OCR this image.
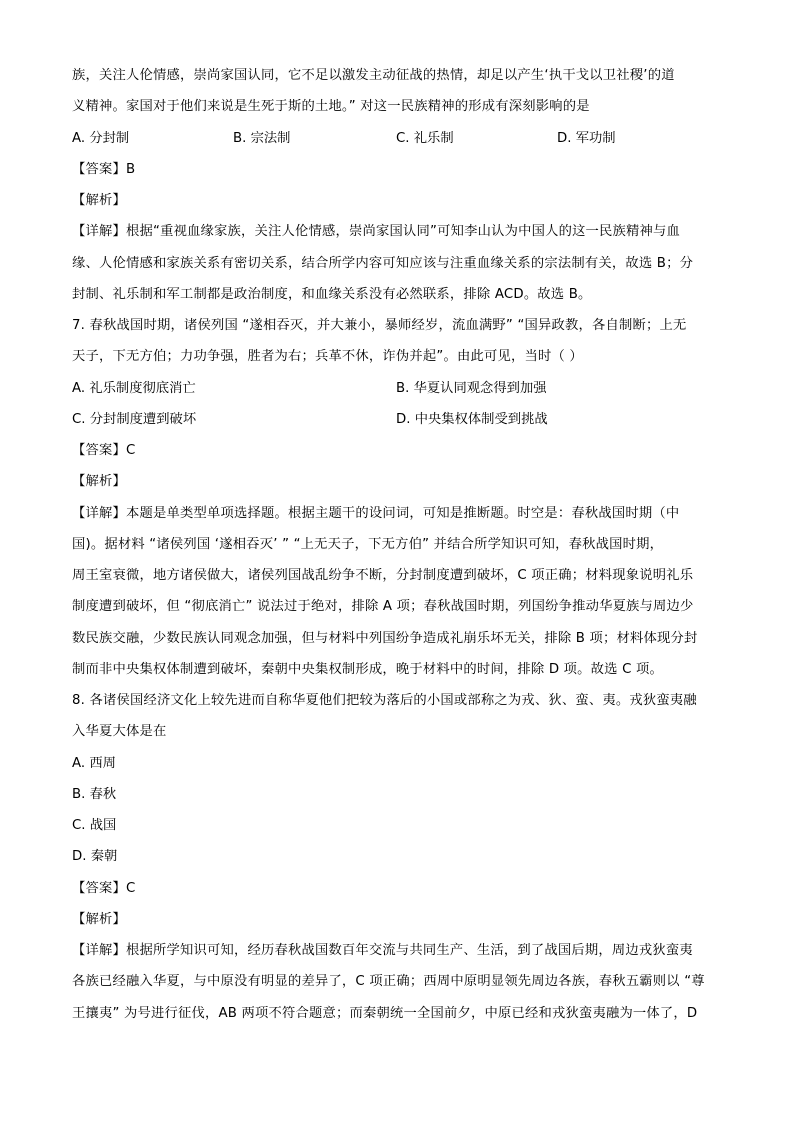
族，关注人伦情感，崇尚家国认同，它不足以激发主动征战的热情，却足以产生‘执干戈以卫社稷’的道
义精神。家国对于他们来说是生死于斯的土地。” 对这一民族精神的形成有深刻影响的是
A. 分封制	B. 宗法制	C. 礼乐制	D. 军功制
【答案】B
【解析】
【详解】根据“重视血缘家族，关注人伦情感，崇尚家国认同”可知李山认为中国人的这一民族精神与血
缘、人伦情感和家族关系有密切关系，结合所学内容可知应该与注重血缘关系的宗法制有关，故选 B；分
封制、礼乐制和军工制都是政治制度，和血缘关系没有必然联系，排除 ACD。故选 B。
7. 春秋战国时期，诸侯列国 “遂相吞灭，并大兼小，暴师经岁，流血满野” “国异政教，各自制断；上无
天子，下无方伯；力功争强，胜者为右；兵革不休，诈伪并起”。由此可见，当时（ ）
A. 礼乐制度彻底消亡	B. 华夏认同观念得到加强
C. 分封制度遭到破坏	D. 中央集权体制受到挑战
【答案】C
【解析】
【详解】本题是单类型单项选择题。根据主题干的设问词，可知是推断题。时空是：春秋战国时期（中
国)。据材料 “诸侯列国 ‘遂相吞灭’ ” “上无天子，下无方伯” 并结合所学知识可知，春秋战国时期，
周王室衰微，地方诸侯做大，诸侯列国战乱纷争不断，分封制度遭到破坏，C 项正确；材料现象说明礼乐
制度遭到破坏，但 “彻底消亡” 说法过于绝对，排除 A 项；春秋战国时期，列国纷争推动华夏族与周边少
数民族交融，少数民族认同观念加强，但与材料中列国纷争造成礼崩乐坏无关，排除 B 项；材料体现分封
制而非中央集权体制遭到破坏，秦朝中央集权制形成，晚于材料中的时间，排除 D 项。故选 C 项。
8. 各诸侯国经济文化上较先进而自称华夏他们把较为落后的小国或部称之为戎、狄、蛮、夷。戎狄蛮夷融
入华夏大体是在
A. 西周
B. 春秋
C. 战国
D. 秦朝
【答案】C
【解析】
【详解】根据所学知识可知，经历春秋战国数百年交流与共同生产、生活，到了战国后期，周边戎狄蛮夷
各族已经融入华夏，与中原没有明显的差异了，C 项正确；西周中原明显领先周边各族，春秋五霸则以 “尊
王攘夷” 为号进行征伐，AB 两项不符合题意；而秦朝统一全国前夕，中原已经和戎狄蛮夷融为一体了，D
